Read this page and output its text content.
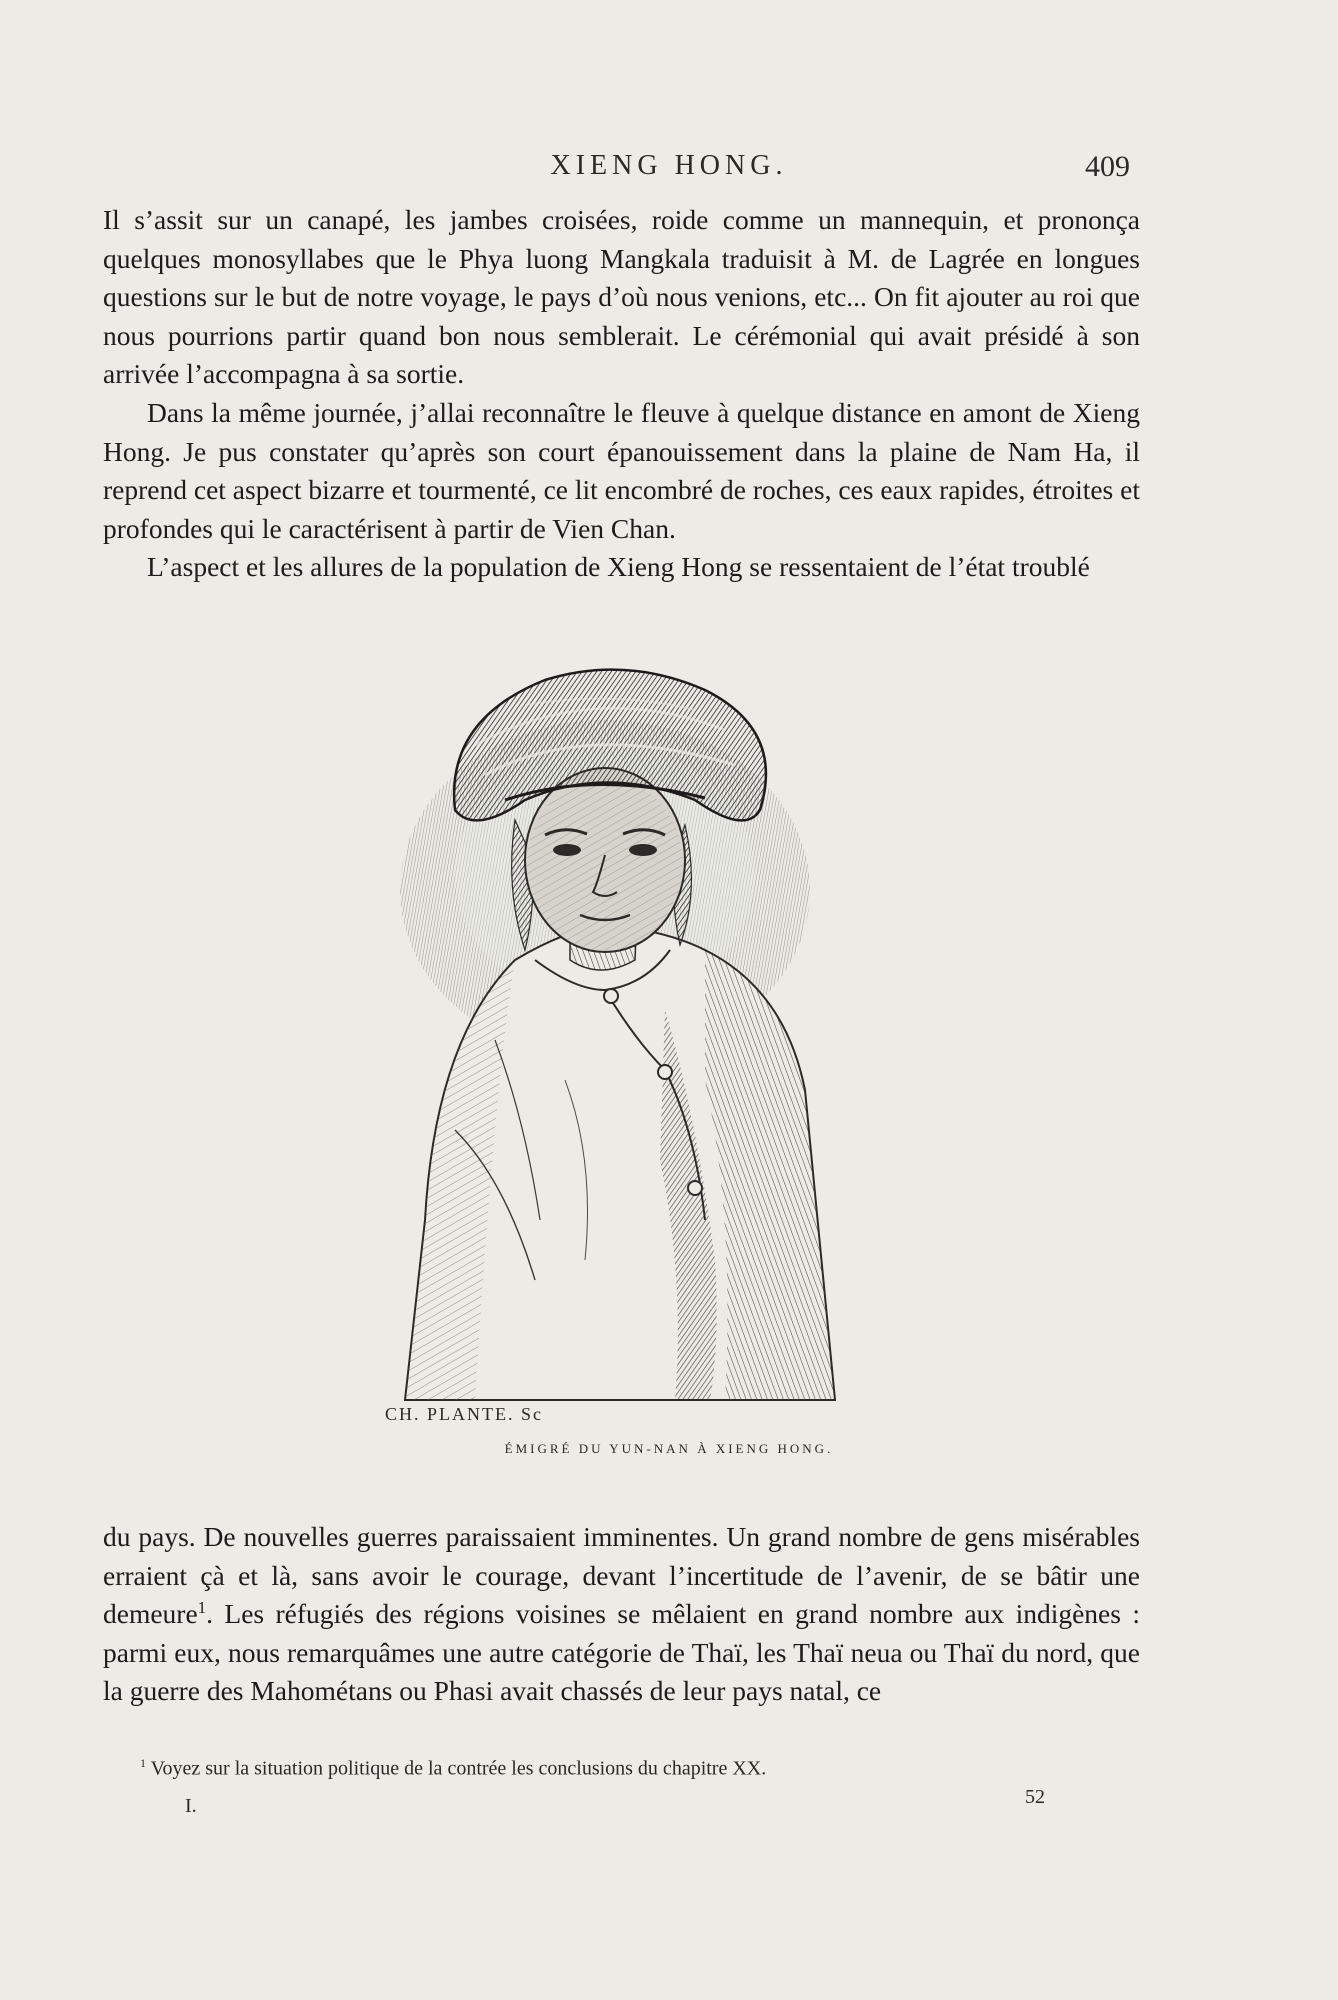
XIENG HONG.	409

Il s’assit sur un canapé, les jambes croisées, roide comme un mannequin, et prononça quelques monosyllabes que le Phya luong Mangkala traduisit à M. de Lagrée en longues questions sur le but de notre voyage, le pays d’où nous venions, etc... On fit ajouter au roi que nous pourrions partir quand bon nous semblerait. Le cérémonial qui avait présidé à son arrivée l’accompagna à sa sortie.

Dans la même journée, j’allai reconnaître le fleuve à quelque distance en amont de Xieng Hong. Je pus constater qu’après son court épanouissement dans la plaine de Nam Ha, il reprend cet aspect bizarre et tourmenté, ce lit encombré de roches, ces eaux rapides, étroites et profondes qui le caractérisent à partir de Vien Chan.

L’aspect et les allures de la population de Xieng Hong se ressentaient de l’état troublé

CH. PLANTE. Sc
ÉMIGRÉ DU YUN-NAN À XIENG HONG.

du pays. De nouvelles guerres paraissaient imminentes. Un grand nombre de gens misérables erraient çà et là, sans avoir le courage, devant l’incertitude de l’avenir, de se bâtir une demeure$^1$. Les réfugiés des régions voisines se mêlaient en grand nombre aux indigènes : parmi eux, nous remarquâmes une autre catégorie de Thaï, les Thaï neua ou Thaï du nord, que la guerre des Mahométans ou Phasi avait chassés de leur pays natal, ce

$^1$ Voyez sur la situation politique de la contrée les conclusions du chapitre XX.
I.	52
